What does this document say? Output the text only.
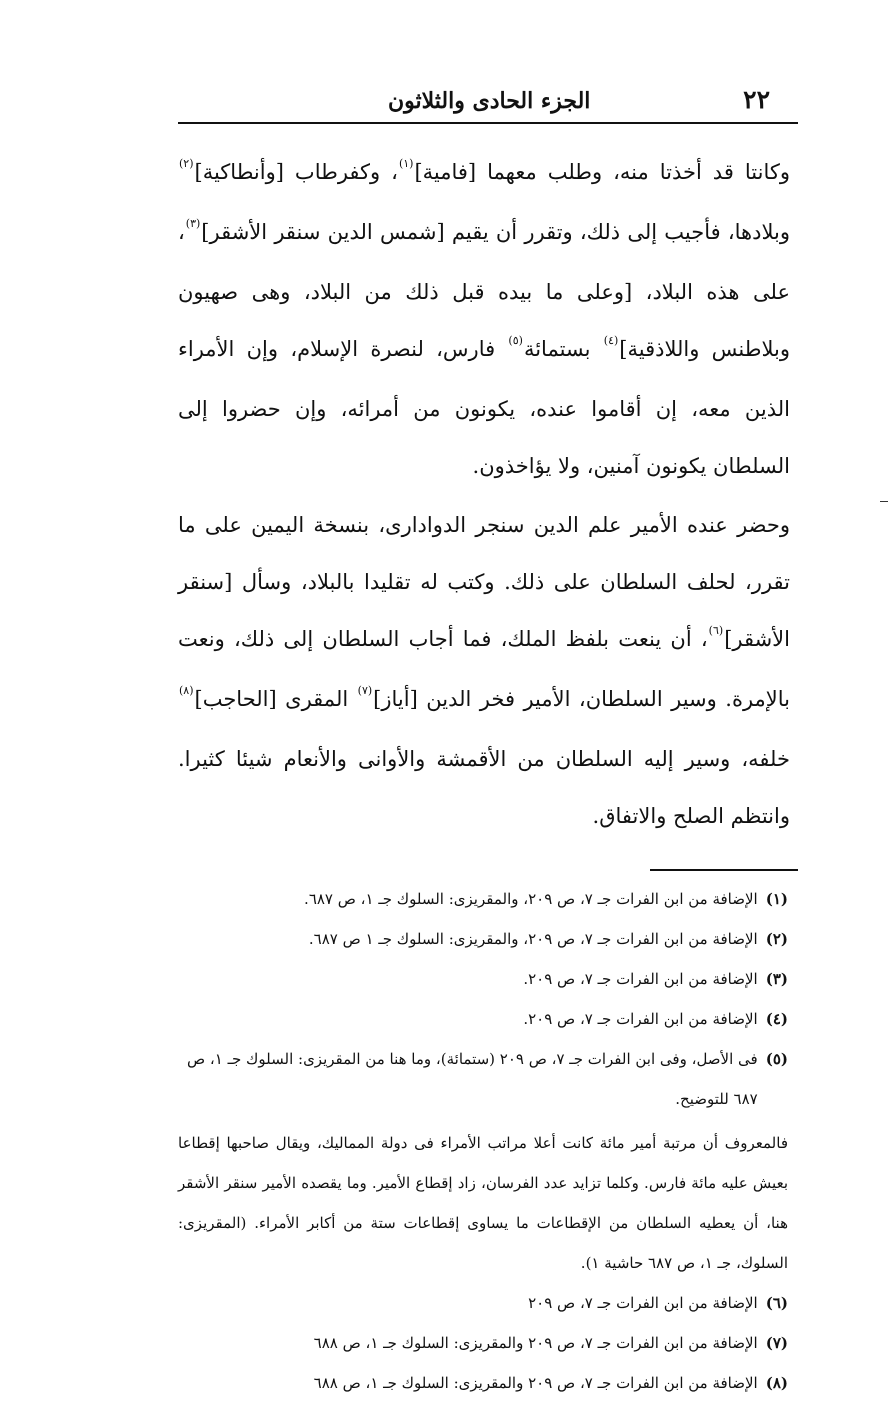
٢٢
الجزء الحادى والثلاثون

وكانتا قد أخذتا منه، وطلب معهما [فامية]$^{(١)}$، وكفرطاب [وأنطاكية]$^{(٢)}$ وبلادها، فأجيب إلى ذلك، وتقرر أن يقيم [شمس الدين سنقر الأشقر]$^{(٣)}$، على هذه البلاد، [وعلى ما بيده قبل ذلك من البلاد، وهى صهيون وبلاطنس واللاذقية]$^{(٤)}$ بستمائة$^{(٥)}$ فارس، لنصرة الإسلام، وإن الأمراء الذين معه، إن أقاموا عنده، يكونون من أمرائه، وإن حضروا إلى السلطان يكونون آمنين، ولا يؤاخذون.

وحضر عنده الأمير علم الدين سنجر الدوادارى، بنسخة اليمين على ما تقرر، لحلف السلطان على ذلك. وكتب له تقليدا بالبلاد، وسأل [سنقر الأشقر]$^{(٦)}$، أن ينعت بلفظ الملك، فما أجاب السلطان إلى ذلك، ونعت بالإمرة. وسير السلطان، الأمير فخر الدين [أياز]$^{(٧)}$ المقرى [الحاجب]$^{(٨)}$ خلفه، وسير إليه السلطان من الأقمشة والأوانى والأنعام شيئا كثيرا. وانتظم الصلح والاتفاق.

(١)
الإضافة من ابن الفرات جـ ٧، ص ٢٠٩، والمقريزى: السلوك جـ ١، ص ٦٨٧.
(٢)
الإضافة من ابن الفرات جـ ٧، ص ٢٠٩، والمقريزى: السلوك جـ ١ ص ٦٨٧.
(٣)
الإضافة من ابن الفرات جـ ٧، ص ٢٠٩.
(٤)
الإضافة من ابن الفرات جـ ٧، ص ٢٠٩.
(٥)
فى الأصل، وفى ابن الفرات جـ ٧، ص ٢٠٩ (ستمائة)، وما هنا من المقريزى: السلوك جـ ١، ص ٦٨٧ للتوضيح.
فالمعروف أن مرتبة أمير مائة كانت أعلا مراتب الأمراء فى دولة المماليك، ويقال صاحبها إقطاعا بعيش عليه مائة فارس. وكلما تزايد عدد الفرسان، زاد إقطاع الأمير. وما يقصده الأمير سنقر الأشقر هنا، أن يعطيه السلطان من الإقطاعات ما يساوى إقطاعات ستة من أكابر الأمراء. (المقريزى: السلوك، جـ ١، ص ٦٨٧ حاشية ١).
(٦)
الإضافة من ابن الفرات جـ ٧، ص ٢٠٩
(٧)
الإضافة من ابن الفرات جـ ٧، ص ٢٠٩ والمقريزى: السلوك جـ ١، ص ٦٨٨
(٨)
الإضافة من ابن الفرات جـ ٧، ص ٢٠٩ والمقريزى: السلوك جـ ١، ص ٦٨٨
